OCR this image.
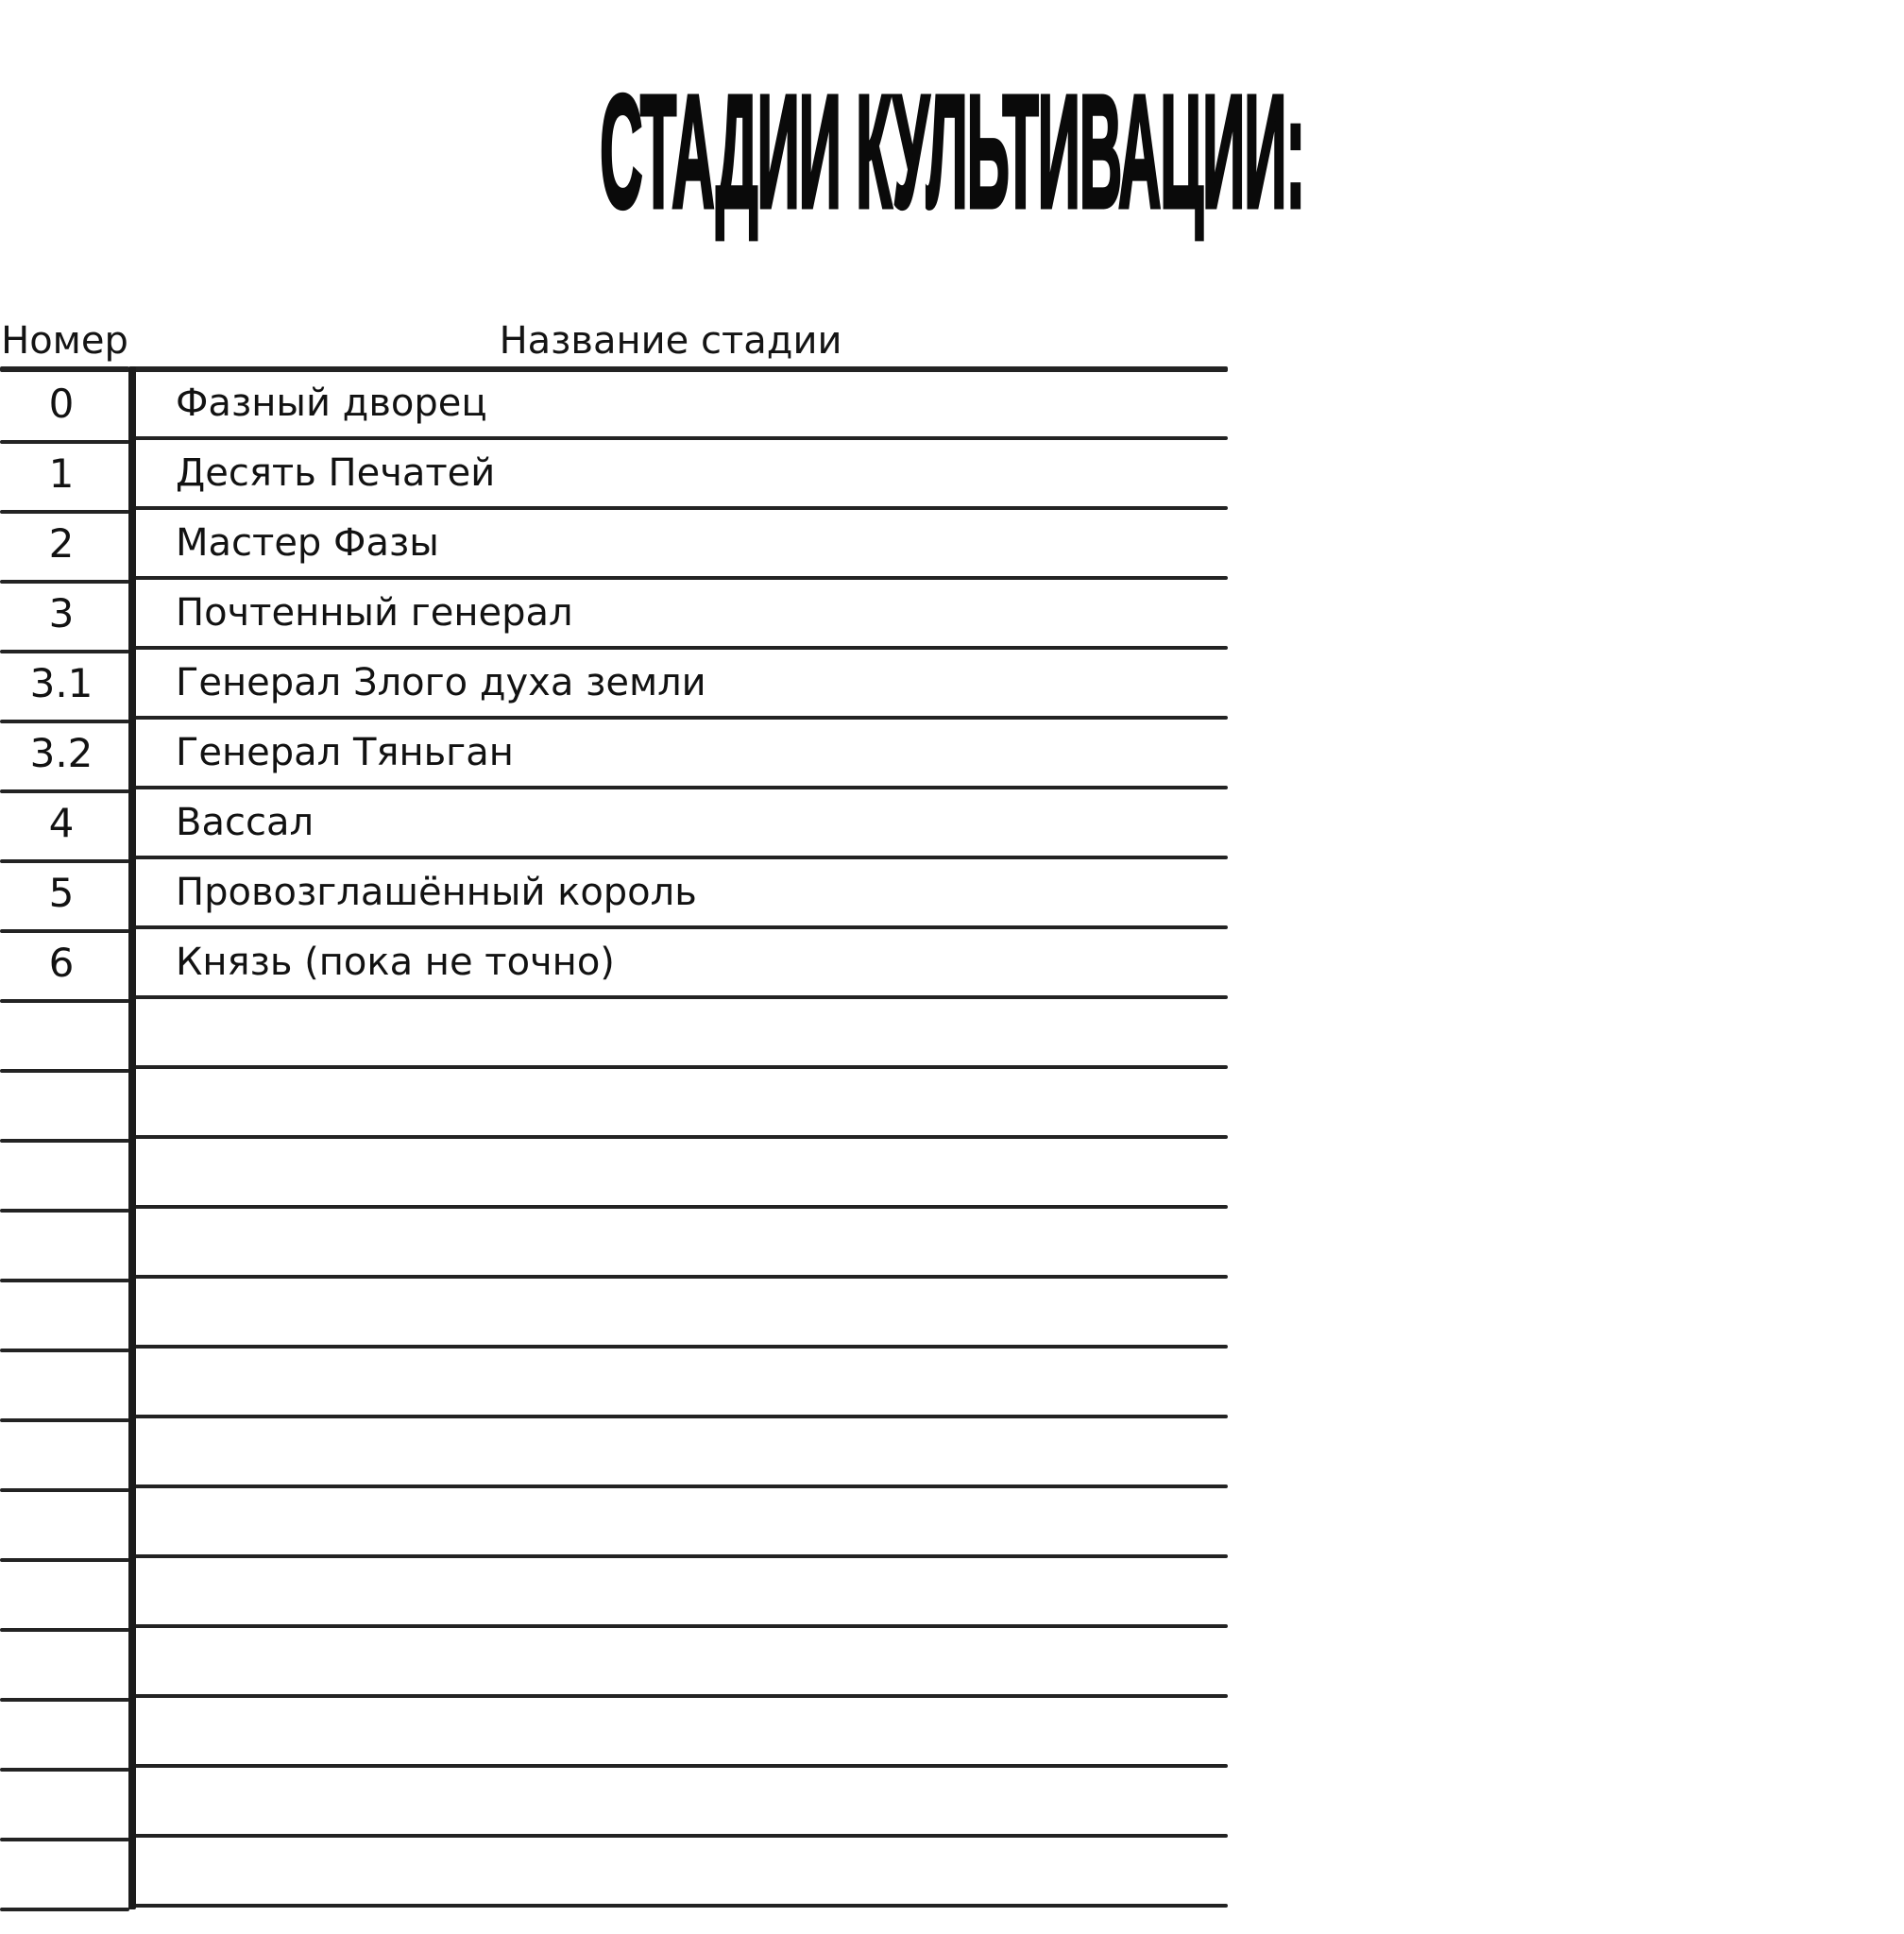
СТАДИИ КУЛЬТИВАЦИИ:
Номер	Название стадии
0	Фазный дворец
1	Десять Печатей
2	Мастер Фазы
3	Почтенный генерал
3.1	Генерал Злого духа земли
3.2	Генерал Тяньган
4	Вассал
5	Провозглашённый король
6	Князь (пока не точно)
